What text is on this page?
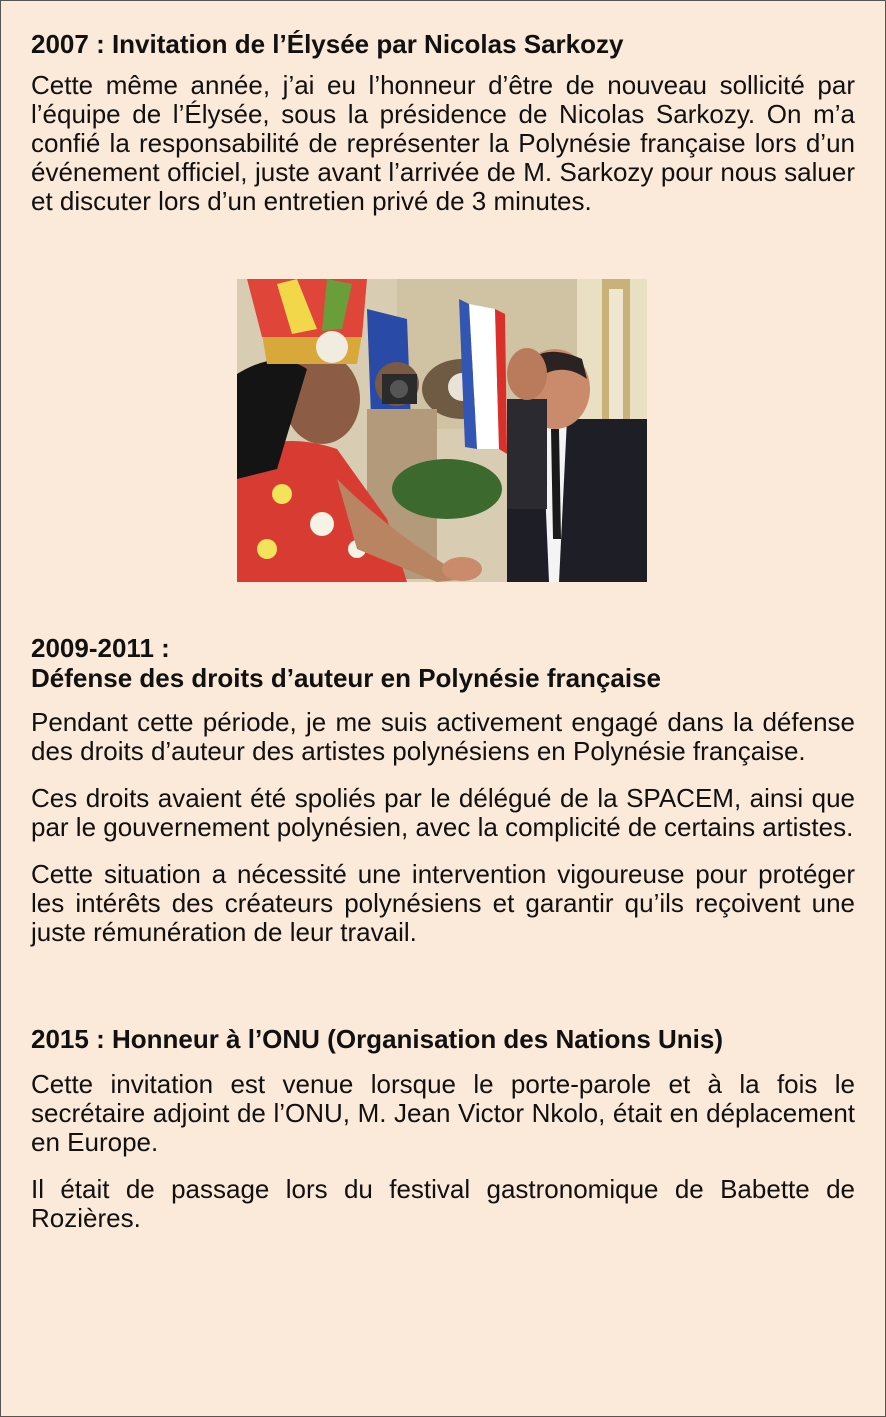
2007 : Invitation de l’Élysée par Nicolas Sarkozy

Cette même année, j’ai eu l’honneur d’être de nouveau sollicité par l’équipe de l’Élysée, sous la présidence de Nicolas Sarkozy. On m’a confié la responsabilité de représenter la Polynésie française lors d’un événement officiel, juste avant l’arrivée de M. Sarkozy pour nous saluer et discuter lors d’un entretien privé de 3 minutes.

2009-2011 :
Défense des droits d’auteur en Polynésie française

Pendant cette période, je me suis activement engagé dans la défense des droits d’auteur des artistes polynésiens en Polynésie française.

Ces droits avaient été spoliés par le délégué de la SPACEM, ainsi que par le gouvernement polynésien, avec la complicité de certains artistes.

Cette situation a nécessité une intervention vigoureuse pour protéger les intérêts des créateurs polynésiens et garantir qu’ils reçoivent une juste rémunération de leur travail.

2015 : Honneur à l’ONU (Organisation des Nations Unis)

Cette invitation est venue lorsque le porte-parole et à la fois le secrétaire adjoint de l’ONU, M. Jean Victor Nkolo, était en déplacement en Europe.

Il était de passage lors du festival gastronomique de Babette de Rozières.
